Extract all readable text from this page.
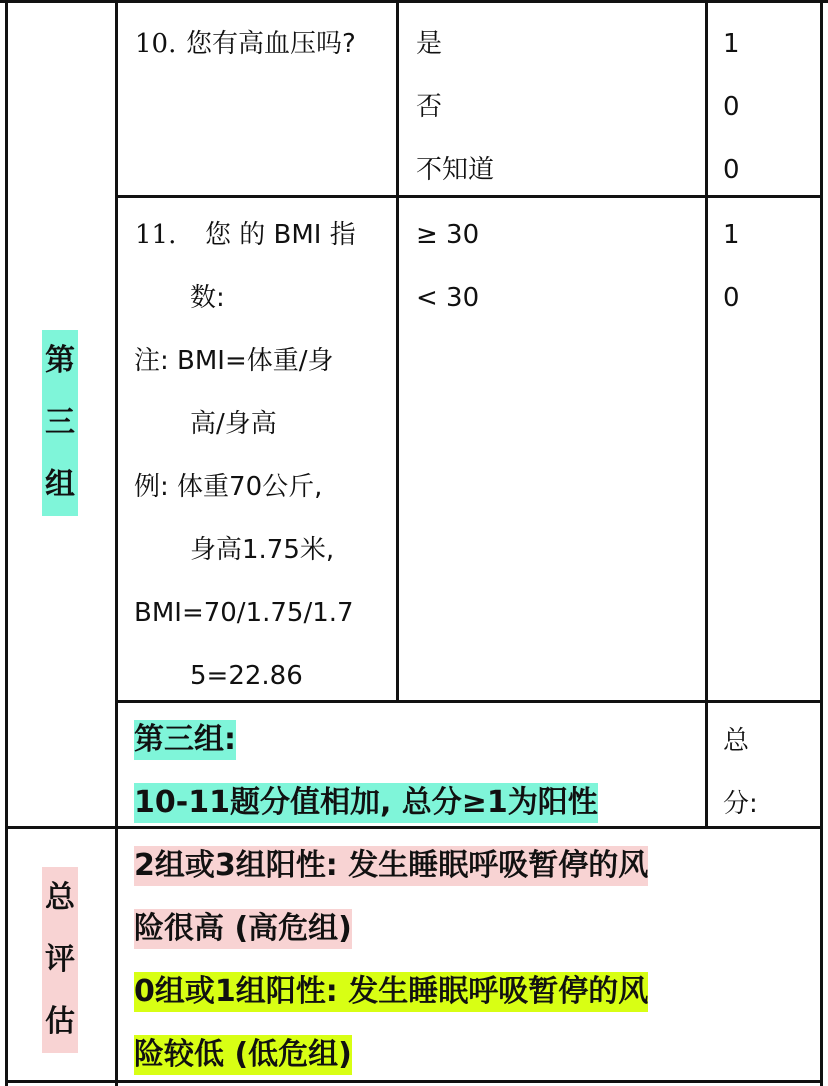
第
三
组
10. 您有高血压吗? 是
否
不知道
1
0
0
11. 您 的 BMI 指
数:
注: BMI=体重/身
高/身高
例: 体重70公斤,
身高1.75米,
BMI=70/1.75/1.7
5=22.86
≥ 30
< 30
1
0
第三组:
10-11题分值相加, 总分≥1为阳性
总
分:
总
评
估
2组或3组阳性: 发生睡眠呼吸暂停的风
险很高 (高危组)
0组或1组阳性: 发生睡眠呼吸暂停的风
险较低 (低危组)
